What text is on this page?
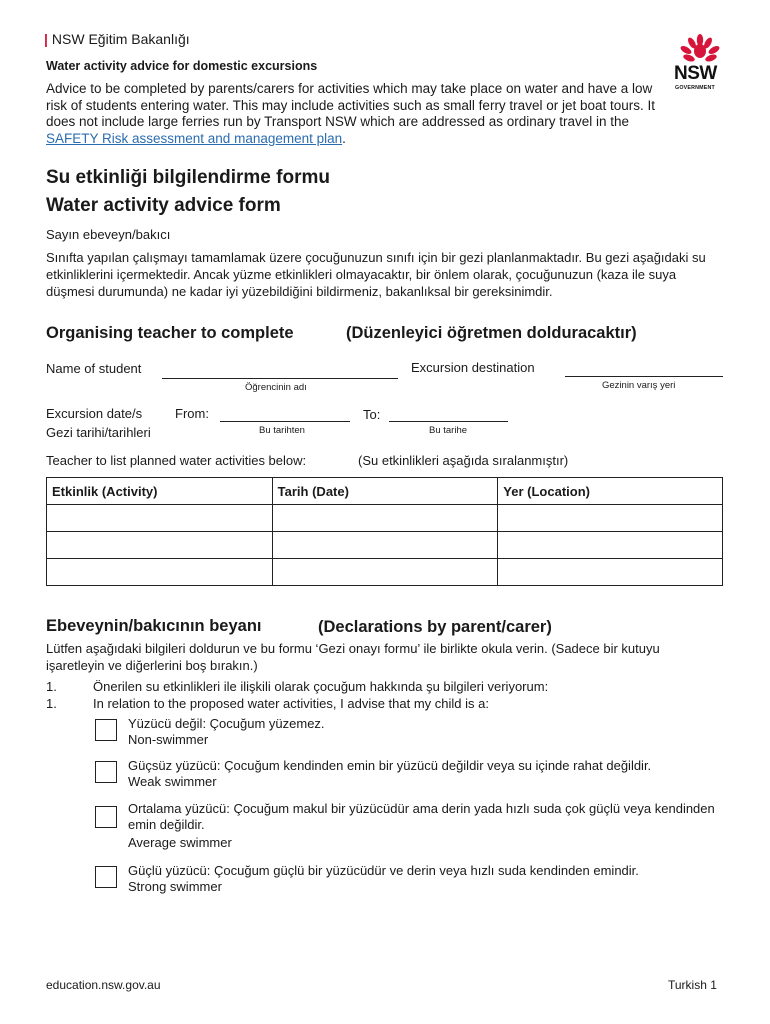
| NSW Eğitim Bakanlığı
NSW
GOVERNMENT
Water activity advice for domestic excursions
Advice to be completed by parents/carers for activities which may take place on water and have a low risk of students entering water. This may include activities such as small ferry travel or jet boat tours. It does not include large ferries run by Transport NSW which are addressed as ordinary travel in the SAFETY Risk assessment and management plan.
Su etkinliği bilgilendirme formu
Water activity advice form
Sayın ebeveyn/bakıcı
Sınıfta yapılan çalışmayı tamamlamak üzere çocuğunuzun sınıfı için bir gezi planlanmaktadır. Bu gezi aşağıdaki su etkinliklerini içermektedir. Ancak yüzme etkinlikleri olmayacaktır, bir önlem olarak, çocuğunuzun (kaza ile suya düşmesi durumunda) ne kadar iyi yüzebildiğini bildirmeniz, bakanlıksal bir gereksinimdir.
Organising teacher to complete	(Düzenleyici öğretmen dolduracaktır)
Name of student
Öğrencinin adı
Excursion destination
Gezinin varış yeri
Excursion date/s
Gezi tarihi/tarihleri
From:
Bu tarihten
To:
Bu tarihe
Teacher to list planned water activities below:	(Su etkinlikleri aşağıda sıralanmıştır)
Etkinlik (Activity)	Tarih (Date)	Yer (Location)

Ebeveynin/bakıcının beyanı	(Declarations by parent/carer)
Lütfen aşağıdaki bilgileri doldurun ve bu formu ‘Gezi onayı formu’ ile birlikte okula verin. (Sadece bir kutuyu işaretleyin ve diğerlerini boş bırakın.)
1.	Önerilen su etkinlikleri ile ilişkili olarak çocuğum hakkında şu bilgileri veriyorum:
1.	In relation to the proposed water activities, I advise that my child is a:
Yüzücü değil: Çocuğum yüzemez.
Non-swimmer
Güçsüz yüzücü: Çocuğum kendinden emin bir yüzücü değildir veya su içinde rahat değildir.
Weak swimmer
Ortalama yüzücü: Çocuğum makul bir yüzücüdür ama derin yada hızlı suda çok güçlü veya kendinden emin değildir.
Average swimmer
Güçlü yüzücü: Çocuğum güçlü bir yüzücüdür ve derin veya hızlı suda kendinden emindir.
Strong swimmer
education.nsw.gov.au	Turkish 1
